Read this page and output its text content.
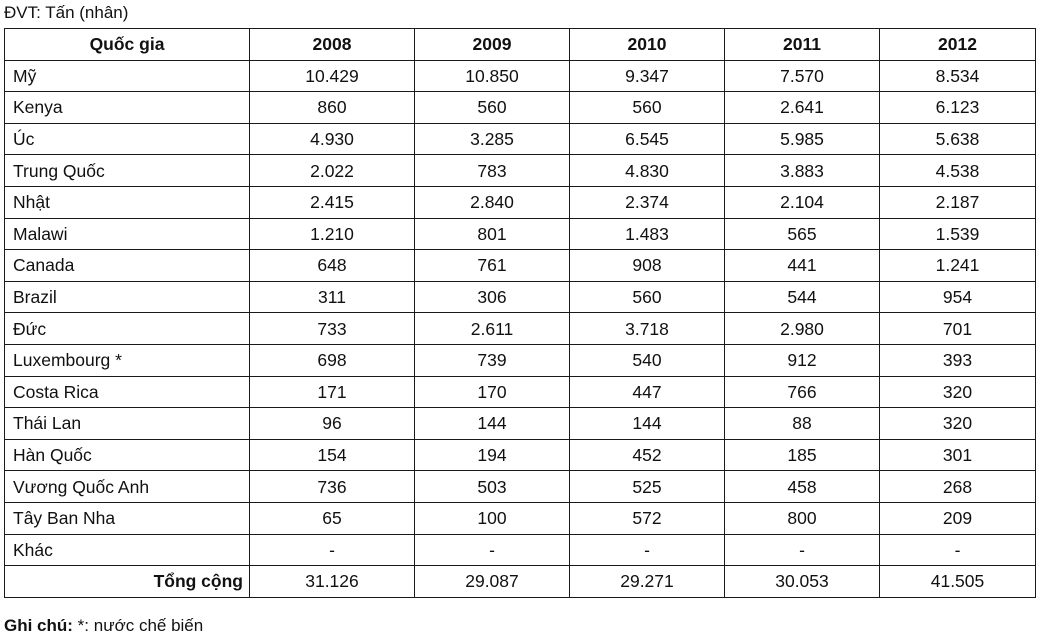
ĐVT: Tấn (nhân)
Quốc gia	2008	2009	2010	2011	2012
Mỹ	10.429	10.850	9.347	7.570	8.534
Kenya	860	560	560	2.641	6.123
Úc	4.930	3.285	6.545	5.985	5.638
Trung Quốc	2.022	783	4.830	3.883	4.538
Nhật	2.415	2.840	2.374	2.104	2.187
Malawi	1.210	801	1.483	565	1.539
Canada	648	761	908	441	1.241
Brazil	311	306	560	544	954
Đức	733	2.611	3.718	2.980	701
Luxembourg *	698	739	540	912	393
Costa Rica	171	170	447	766	320
Thái Lan	96	144	144	88	320
Hàn Quốc	154	194	452	185	301
Vương Quốc Anh	736	503	525	458	268
Tây Ban Nha	65	100	572	800	209
Khác	-	-	-	-	-
Tổng cộng	31.126	29.087	29.271	30.053	41.505
Ghi chú: *: nước chế biến
